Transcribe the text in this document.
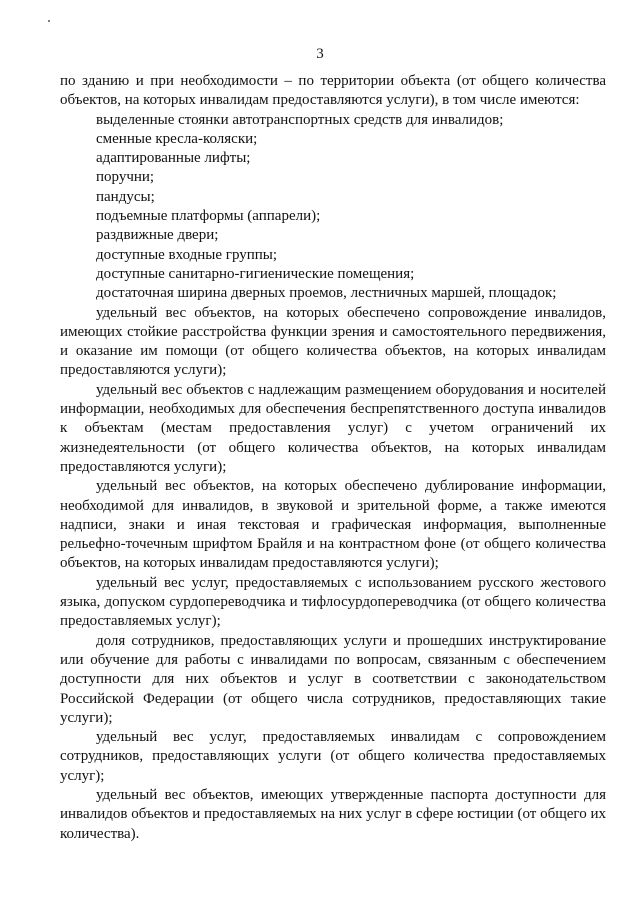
3

по зданию и при необходимости – по территории объекта (от общего количества объектов, на которых инвалидам предоставляются услуги), в том числе имеются:

выделенные стоянки автотранспортных средств для инвалидов;

сменные кресла-коляски;

адаптированные лифты;

поручни;

пандусы;

подъемные платформы (аппарели);

раздвижные двери;

доступные входные группы;

доступные санитарно-гигиенические помещения;

достаточная ширина дверных проемов, лестничных маршей, площадок;

удельный вес объектов, на которых обеспечено сопровождение инвалидов, имеющих стойкие расстройства функции зрения и самостоятельного передвижения, и оказание им помощи (от общего количества объектов, на которых инвалидам предоставляются услуги);

удельный вес объектов с надлежащим размещением оборудования и носителей информации, необходимых для обеспечения беспрепятственного доступа инвалидов к объектам (местам предоставления услуг) с учетом ограничений их жизнедеятельности (от общего количества объектов, на которых инвалидам предоставляются услуги);

удельный вес объектов, на которых обеспечено дублирование информации, необходимой для инвалидов, в звуковой и зрительной форме, а также имеются надписи, знаки и иная текстовая и графическая информация, выполненные рельефно-точечным шрифтом Брайля и на контрастном фоне (от общего количества объектов, на которых инвалидам предоставляются услуги);

удельный вес услуг, предоставляемых с использованием русского жестового языка, допуском сурдопереводчика и тифлосурдопереводчика (от общего количества предоставляемых услуг);

доля сотрудников, предоставляющих услуги и прошедших инструктирование или обучение для работы с инвалидами по вопросам, связанным с обеспечением доступности для них объектов и услуг в соответствии с законодательством Российской Федерации (от общего числа сотрудников, предоставляющих такие услуги);

удельный вес услуг, предоставляемых инвалидам с сопровождением сотрудников, предоставляющих услуги (от общего количества предоставляемых услуг);

удельный вес объектов, имеющих утвержденные паспорта доступности для инвалидов объектов и предоставляемых на них услуг в сфере юстиции (от общего их количества).
